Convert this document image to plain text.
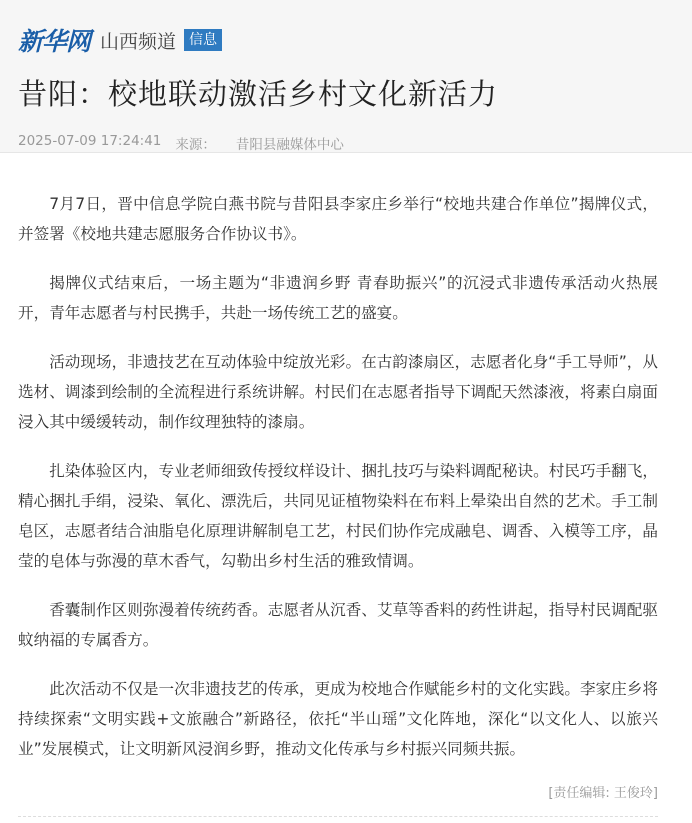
新华网 山西频道 信息
昔阳：校地联动激活乡村文化新活力
2025-07-09 17:24:41 来源： 昔阳县融媒体中心

7月7日，晋中信息学院白燕书院与昔阳县李家庄乡举行“校地共建合作单位”揭牌仪式，并签署《校地共建志愿服务合作协议书》。

揭牌仪式结束后，一场主题为“非遗润乡野 青春助振兴”的沉浸式非遗传承活动火热展开，青年志愿者与村民携手，共赴一场传统工艺的盛宴。

活动现场，非遗技艺在互动体验中绽放光彩。在古韵漆扇区，志愿者化身“手工导师”，从选材、调漆到绘制的全流程进行系统讲解。村民们在志愿者指导下调配天然漆液，将素白扇面浸入其中缓缓转动，制作纹理独特的漆扇。

扎染体验区内，专业老师细致传授纹样设计、捆扎技巧与染料调配秘诀。村民巧手翻飞，精心捆扎手绢，浸染、氧化、漂洗后，共同见证植物染料在布料上晕染出自然的艺术。手工制皂区，志愿者结合油脂皂化原理讲解制皂工艺，村民们协作完成融皂、调香、入模等工序，晶莹的皂体与弥漫的草木香气，勾勒出乡村生活的雅致情调。

香囊制作区则弥漫着传统药香。志愿者从沉香、艾草等香料的药性讲起，指导村民调配驱蚊纳福的专属香方。

此次活动不仅是一次非遗技艺的传承，更成为校地合作赋能乡村的文化实践。李家庄乡将持续探索“文明实践+文旅融合”新路径，依托“半山瑶”文化阵地，深化“以文化人、以旅兴业”发展模式，让文明新风浸润乡野，推动文化传承与乡村振兴同频共振。

[责任编辑: 王俊玲]
